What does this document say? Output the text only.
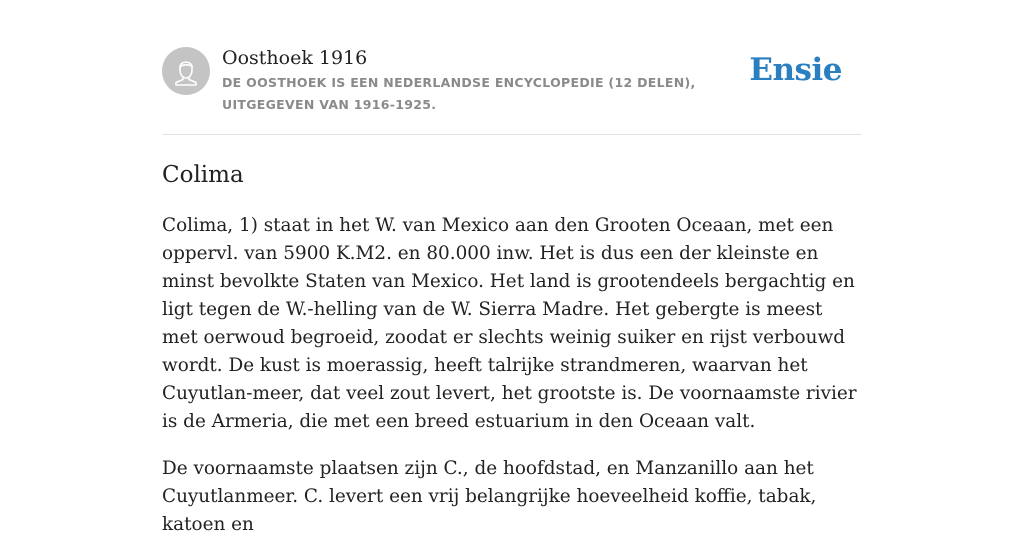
Oosthoek 1916
DE OOSTHOEK IS EEN NEDERLANDSE ENCYCLOPEDIE (12 DELEN), UITGEGEVEN VAN 1916-1925.
Ensie
Colima

Colima, 1) staat in het W. van Mexico aan den Grooten Oceaan, met een oppervl. van 5900 K.M2. en 80.000 inw. Het is dus een der kleinste en minst bevolkte Staten van Mexico. Het land is grootendeels bergachtig en ligt tegen de W.-helling van de W. Sierra Madre. Het gebergte is meest met oerwoud begroeid, zoodat er slechts weinig suiker en rijst verbouwd wordt. De kust is moerassig, heeft talrijke strandmeren, waarvan het Cuyutlan-meer, dat veel zout levert, het grootste is. De voornaamste rivier is de Armeria, die met een breed estuarium in den Oceaan valt.

De voornaamste plaatsen zijn C., de hoofdstad, en Manzanillo aan het Cuyutlanmeer. C. levert een vrij belangrijke hoeveelheid koffie, tabak, katoen en
